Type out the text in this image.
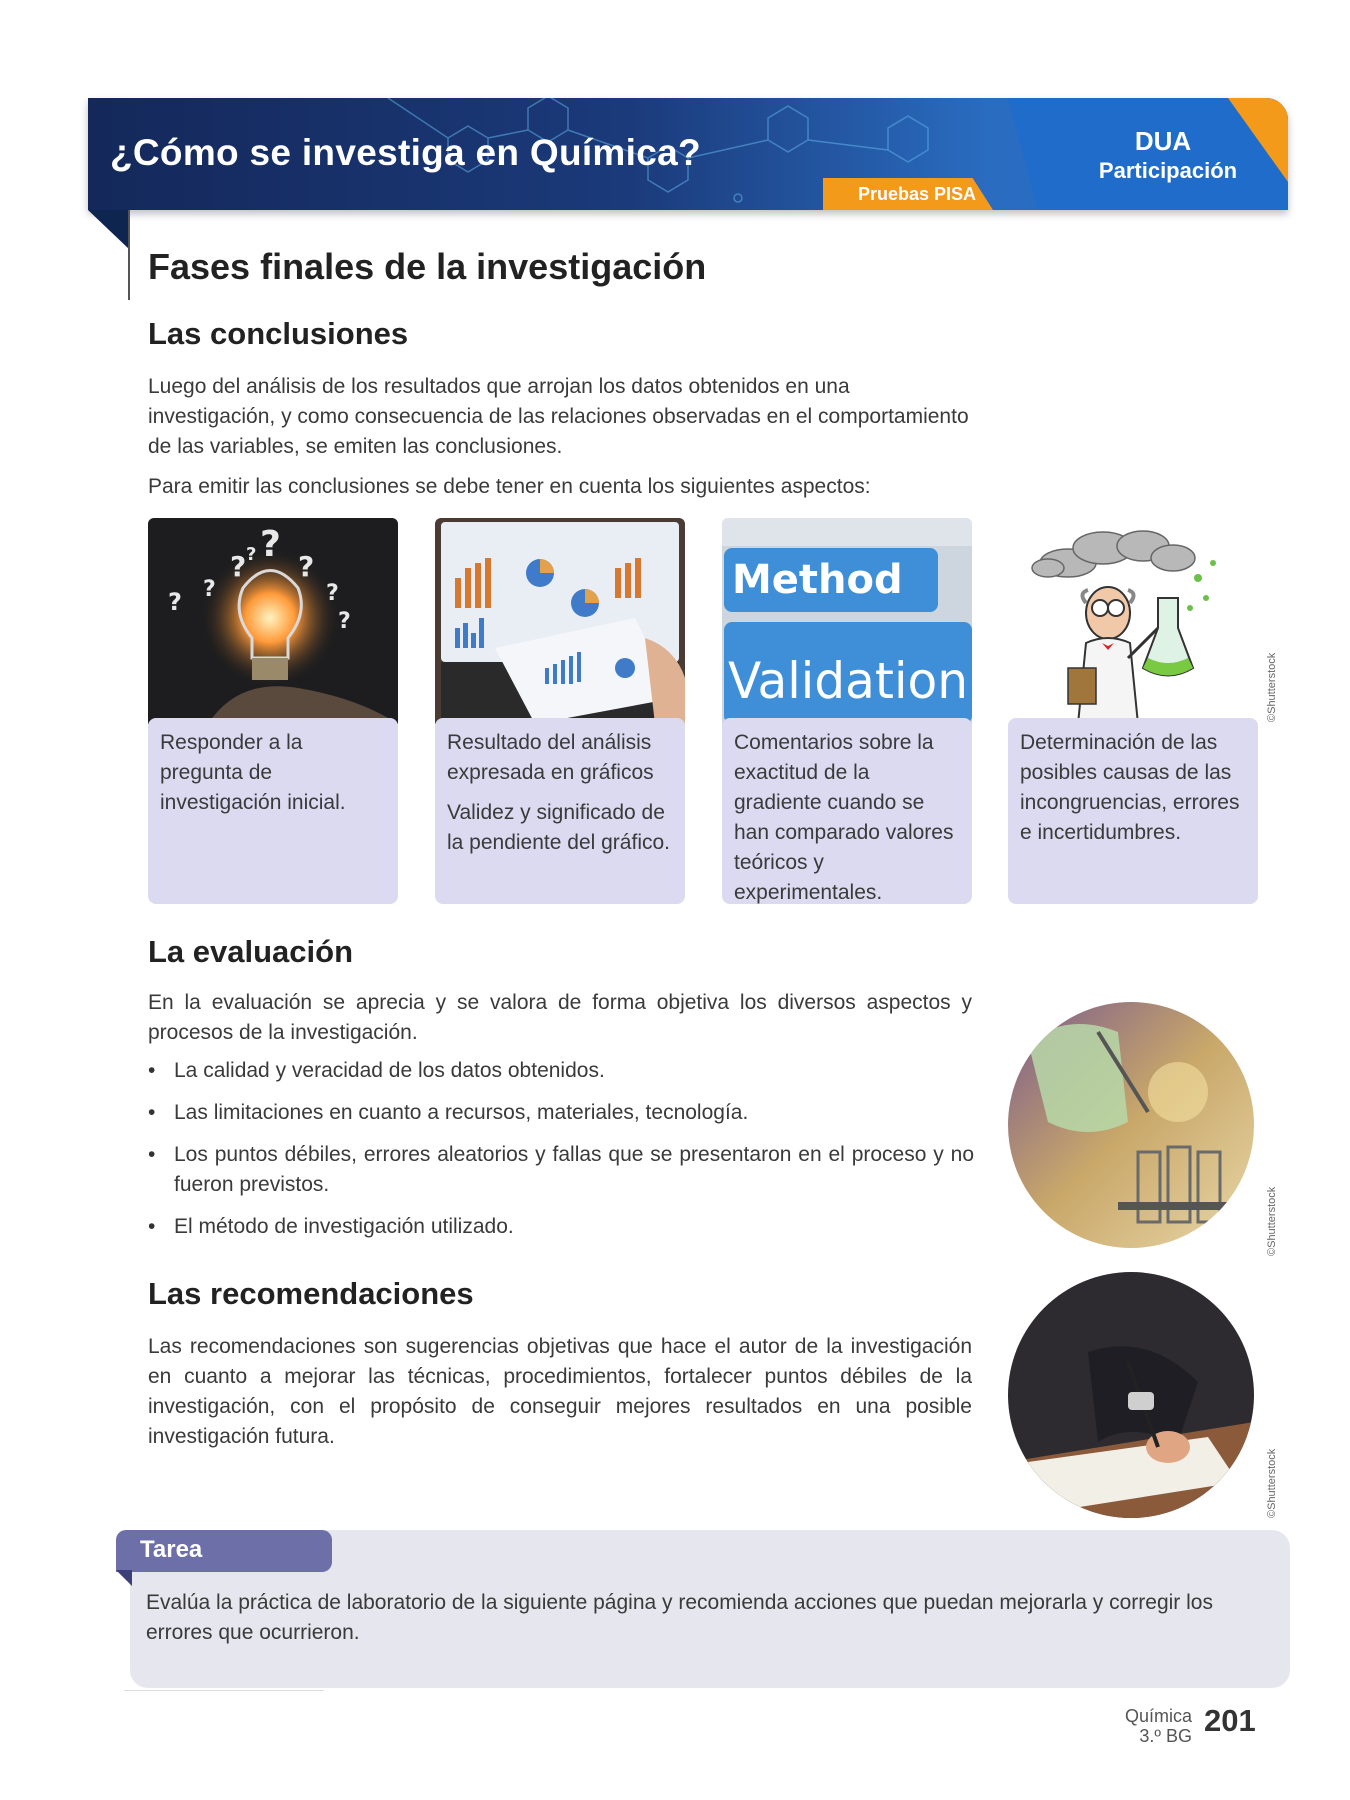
¿Cómo se investiga en Química?
Pruebas PISA
DUA
Participación
Fases finales de la investigación
Las conclusiones

Luego del análisis de los resultados que arrojan los datos obtenidos en una investigación, y como consecuencia de las relaciones observadas en el comportamiento de las variables, se emiten las conclusiones.

Para emitir las conclusiones se debe tener en cuenta los siguientes aspectos:

?
? ?
?	?
?
?
?

Responder a la pregunta de investigación inicial.

Resultado del análisis expresada en gráficos

Validez y significado de la pendiente del gráfico.

Method
Validation

Comentarios sobre la exactitud de la gradiente cuando se han comparado valores teóricos y experimentales.

Determinación de las posibles causas de las incongruencias, errores e incertidumbres.

©Shutterstock
La evaluación

En la evaluación se aprecia y se valora de forma objetiva los diversos aspectos y procesos de la investigación.

• La calidad y veracidad de los datos obtenidos.
• Las limitaciones en cuanto a recursos, materiales, tecnología.
• Los puntos débiles, errores aleatorios y fallas que se presentaron en el proceso y no fueron previstos.
• El método de investigación utilizado.	©Shutterstock
Las recomendaciones

Las recomendaciones son sugerencias objetivas que hace el autor de la investigación en cuanto a mejorar las técnicas, procedimientos, fortalecer puntos débiles de la investigación, con el propósito de conseguir mejores resultados en una posible investigación futura.

©Shutterstock
Tarea

Evalúa la práctica de laboratorio de la siguiente página y recomienda acciones que puedan mejorarla y corregir los errores que ocurrieron.

Química
3.º BG 201
